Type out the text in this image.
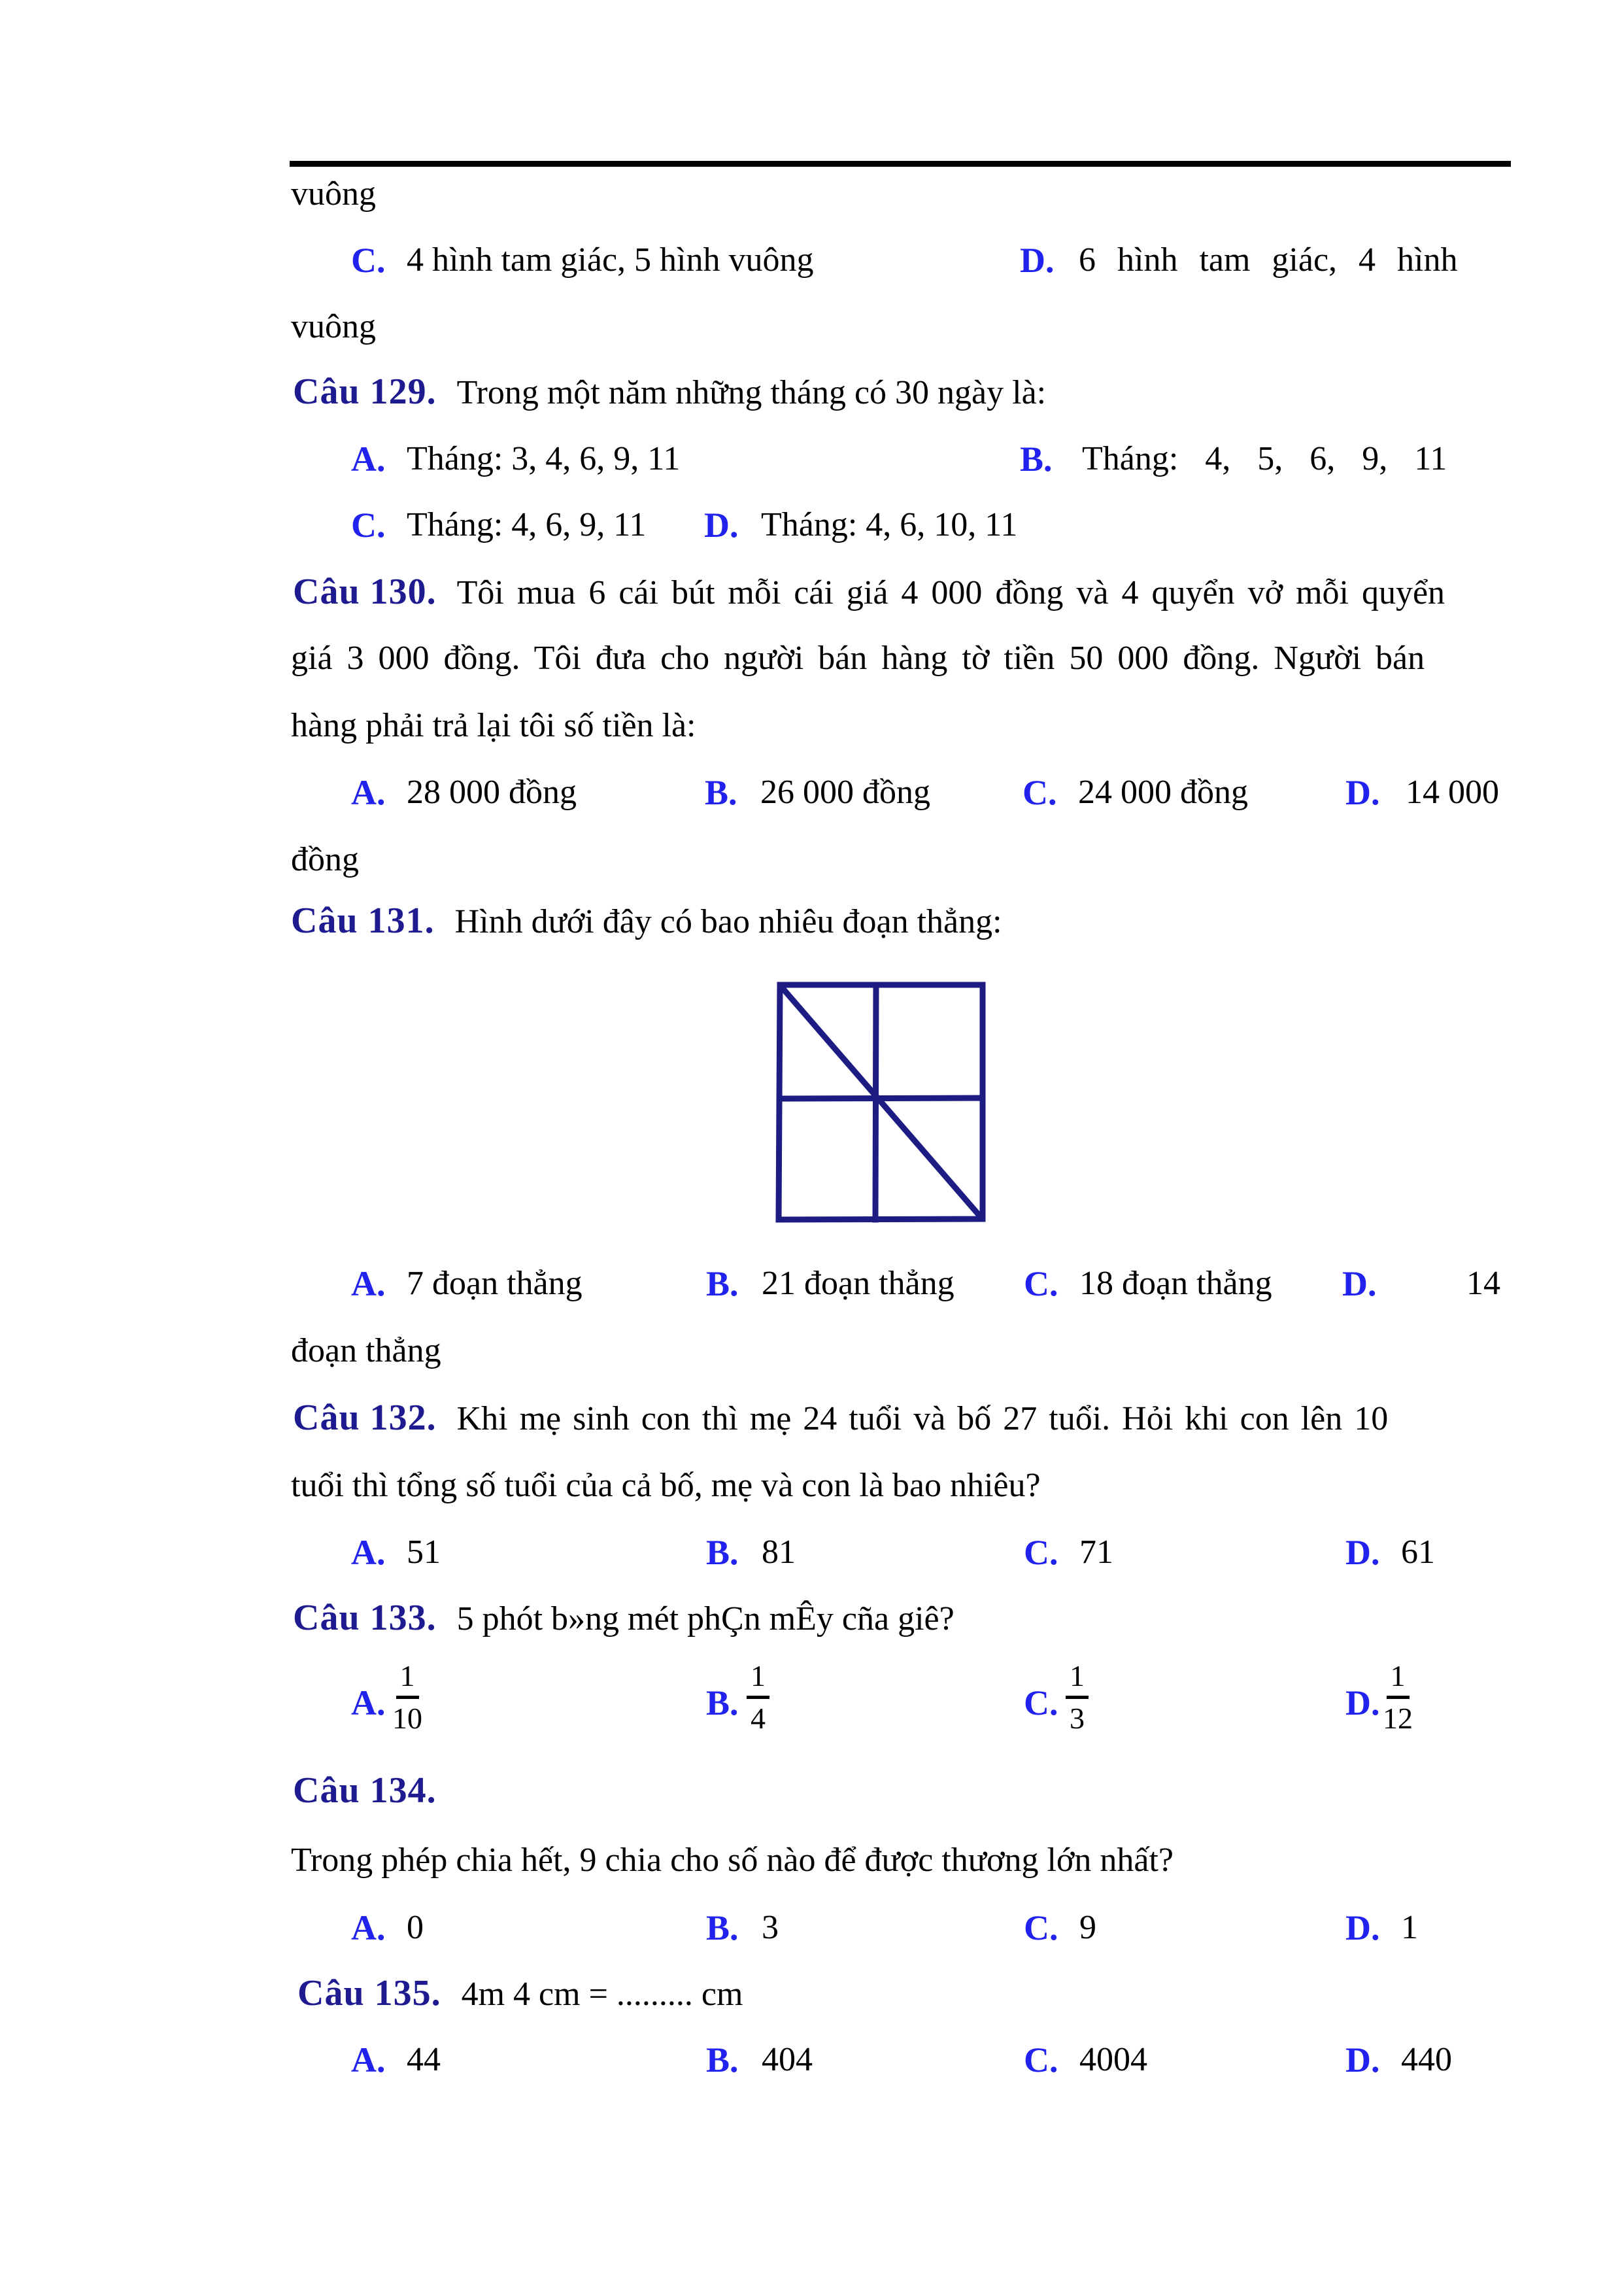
vuông
C. 4 hình tam giác, 5 hình vuông	D. 6 hình tam giác, 4 hình
vuông
Câu 129. Trong một năm những tháng có 30 ngày là:
A. Tháng: 3, 4, 6, 9, 11	B. Tháng: 4, 5, 6, 9, 11
C. Tháng: 4, 6, 9, 11 D. Tháng: 4, 6, 10, 11
Câu 130. Tôi mua 6 cái bút mỗi cái giá 4 000 đồng và 4 quyển vở mỗi quyển
giá 3 000 đồng. Tôi đưa cho người bán hàng tờ tiền 50 000 đồng. Người bán
hàng phải trả lại tôi số tiền là:
A. 28 000 đồng	B. 26 000 đồng	C. 24 000 đồng	D. 14 000
đồng
Câu 131. Hình dưới đây có bao nhiêu đoạn thẳng:
A. 7 đoạn thẳng	B. 21 đoạn thẳng C. 18 đoạn thẳng D.	14
đoạn thẳng
Câu 132. Khi mẹ sinh con thì mẹ 24 tuổi và bố 27 tuổi. Hỏi khi con lên 10
tuổi thì tổng số tuổi của cả bố, mẹ và con là bao nhiêu?
A. 51	B. 81	C. 71	D. 61
Câu 133. 5 phót b»ng mét phÇn mÊy cña giê?
A. $\frac{1}{10}$	B. $\frac{1}{4}$	C. $\frac{1}{3}$	D. $\frac{1}{12}$
Câu 134.
Trong phép chia hết, 9 chia cho số nào để được thương lớn nhất?
A. 0	B. 3	C. 9	D. 1
Câu 135. 4m 4 cm = ......... cm
A. 44	B. 404	C. 4004	D. 440
